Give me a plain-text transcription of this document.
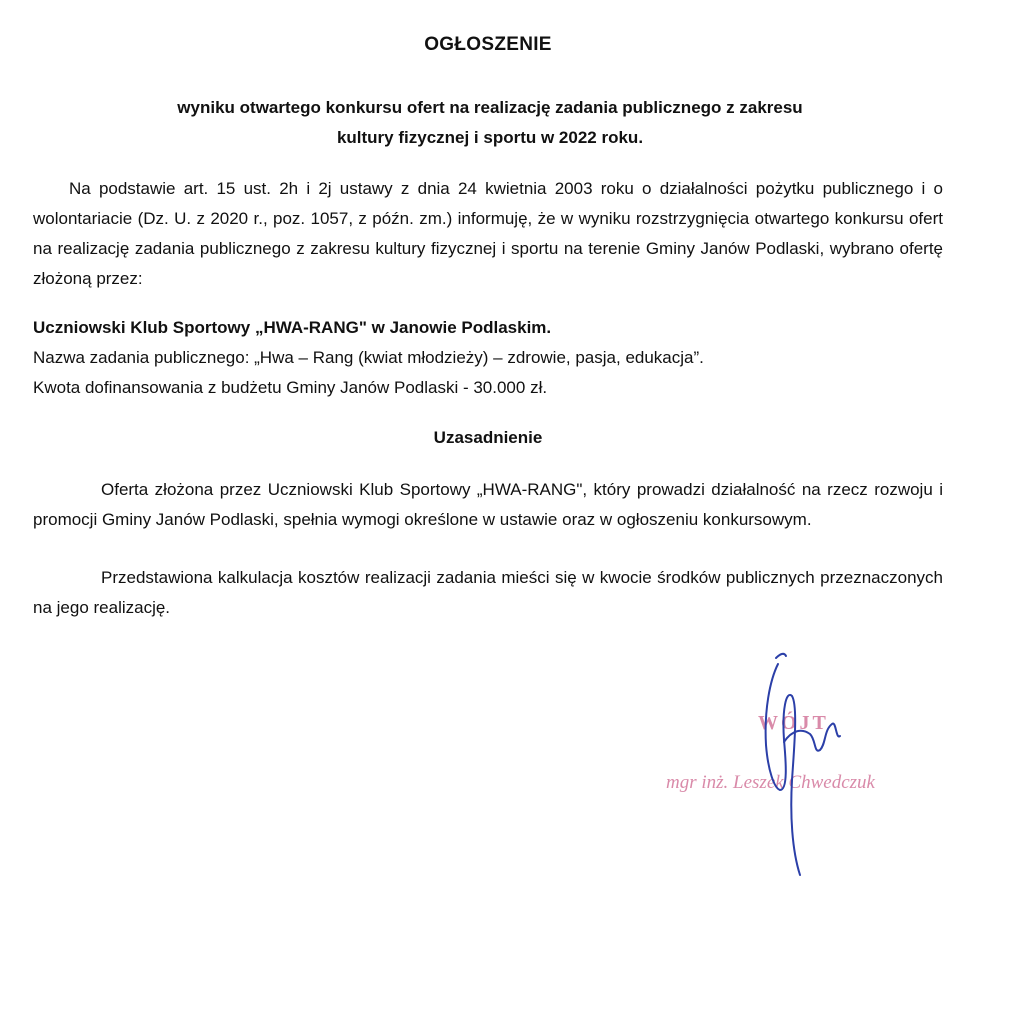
OGŁOSZENIE
wyniku otwartego konkursu ofert na realizację zadania publicznego z zakresu
kultury fizycznej i sportu w 2022 roku.
Na podstawie art. 15 ust. 2h i 2j ustawy z dnia 24 kwietnia 2003 roku o działalności pożytku publicznego i o wolontariacie (Dz. U. z 2020 r., poz. 1057, z późn. zm.) informuję, że w wyniku rozstrzygnięcia otwartego konkursu ofert na realizację zadania publicznego z zakresu kultury fizycznej i sportu na terenie Gminy Janów Podlaski, wybrano ofertę złożoną przez:
Uczniowski Klub Sportowy „HWA-RANG" w Janowie Podlaskim.
Nazwa zadania publicznego: „Hwa – Rang (kwiat młodzieży) – zdrowie, pasja, edukacja”.
Kwota dofinansowania z budżetu Gminy Janów Podlaski - 30.000 zł.
Uzasadnienie
Oferta złożona przez Uczniowski Klub Sportowy „HWA-RANG", który prowadzi działalność na rzecz rozwoju i promocji Gminy Janów Podlaski, spełnia wymogi określone w ustawie oraz w ogłoszeniu konkursowym.
Przedstawiona kalkulacja kosztów realizacji zadania mieści się w kwocie środków publicznych przeznaczonych na jego realizację.
WÓJT
mgr inż. Leszek Chwedczuk
